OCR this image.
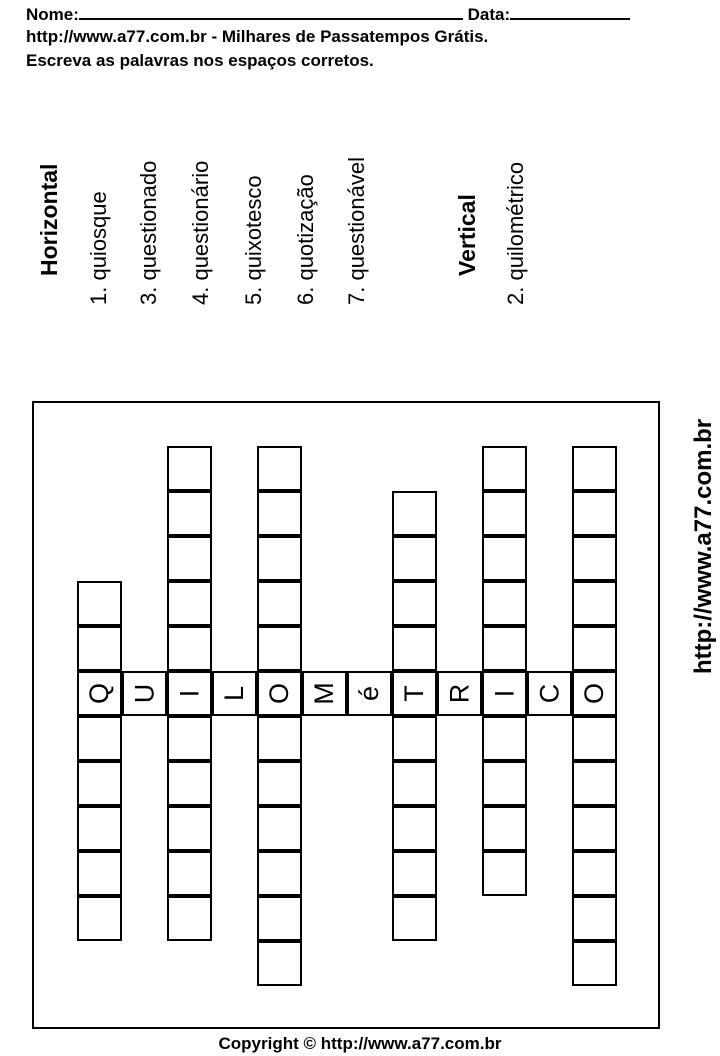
Nome:	Data:
http://www.a77.com.br - Milhares de Passatempos Grátis.
Escreva as palavras nos espaços corretos.
Horizontal 1. quiosque 3. questionado 4. questionário 5. quixotesco 6. quotização 7. questionável	Vertical 2. quilométrico
http://www.a77.com.br
Q U I L O M é T R I C O
Copyright © http://www.a77.com.br
